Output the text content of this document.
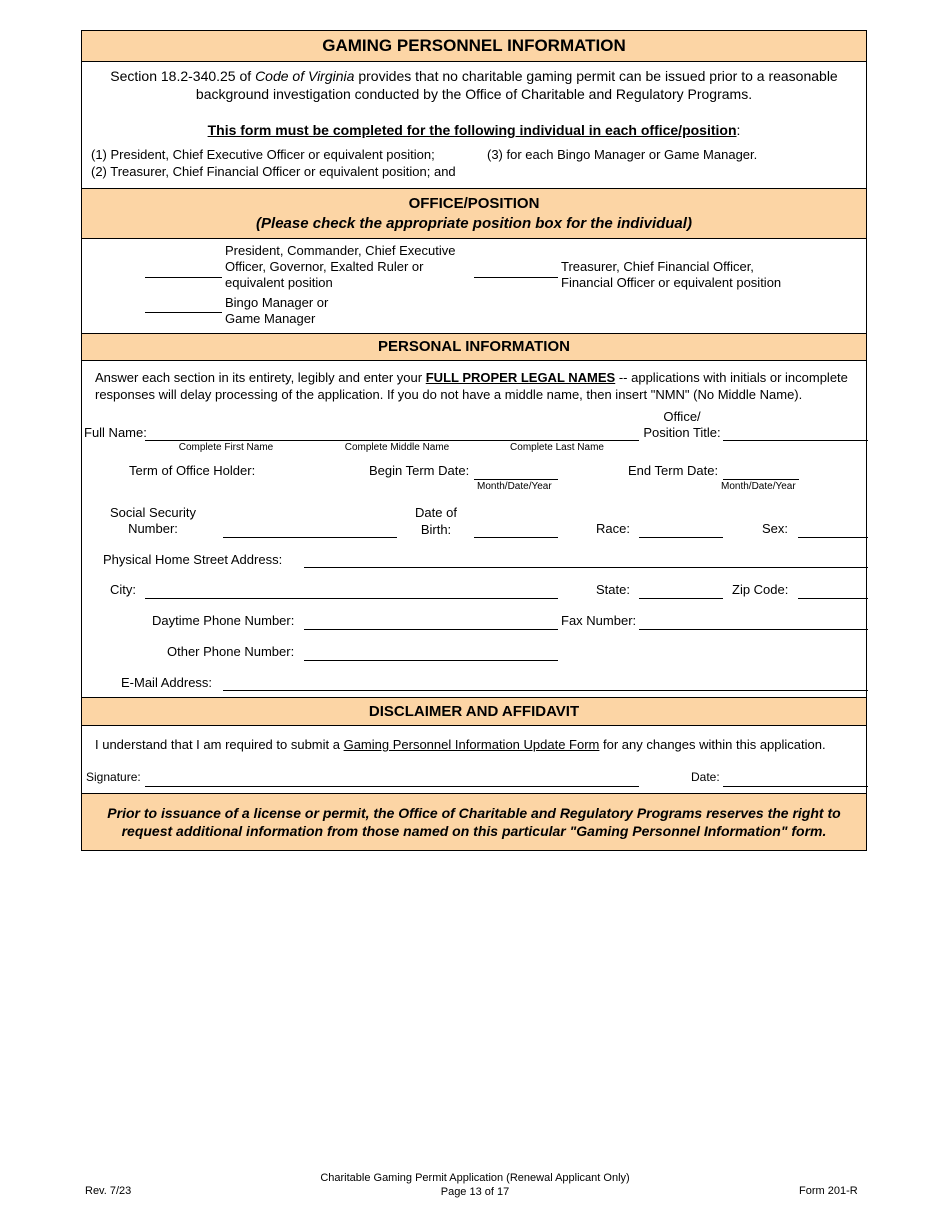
GAMING PERSONNEL INFORMATION
Section 18.2-340.25 of Code of Virginia provides that no charitable gaming permit can be issued prior to a reasonable
background investigation conducted by the Office of Charitable and Regulatory Programs.
This form must be completed for the following individual in each office/position:
(1) President, Chief Executive Officer or equivalent position;
(2) Treasurer, Chief Financial Officer or equivalent position; and
(3) for each Bingo Manager or Game Manager.
OFFICE/POSITION
(Please check the appropriate position box for the individual)
President, Commander, Chief Executive
Officer, Governor, Exalted Ruler or
equivalent position
Treasurer, Chief Financial Officer,
Financial Officer or equivalent position
Bingo Manager or
Game Manager
PERSONAL INFORMATION
Answer each section in its entirety, legibly and enter your FULL PROPER LEGAL NAMES -- applications with initials or incomplete
responses will delay processing of the application. If you do not have a middle name, then insert "NMN" (No Middle Name).
Full Name:
Complete First Name	Complete Middle Name	Complete Last Name
Office/
Position Title:
Term of Office Holder:	Begin Term Date:
Month/Date/Year
End Term Date:
Month/Date/Year
Social Security
Number:
Date of
Birth:	Race:	Sex:
Physical Home Street Address:
City:	State:	Zip Code:
Daytime Phone Number:	Fax Number:
Other Phone Number:
E-Mail Address:
DISCLAIMER AND AFFIDAVIT
I understand that I am required to submit a Gaming Personnel Information Update Form for any changes within this application.
Signature:	Date:
Prior to issuance of a license or permit, the Office of Charitable and Regulatory Programs reserves the right to
request additional information from those named on this particular "Gaming Personnel Information" form.
Rev. 7/23
Charitable Gaming Permit Application (Renewal Applicant Only)
Page 13 of 17	Form 201-R
